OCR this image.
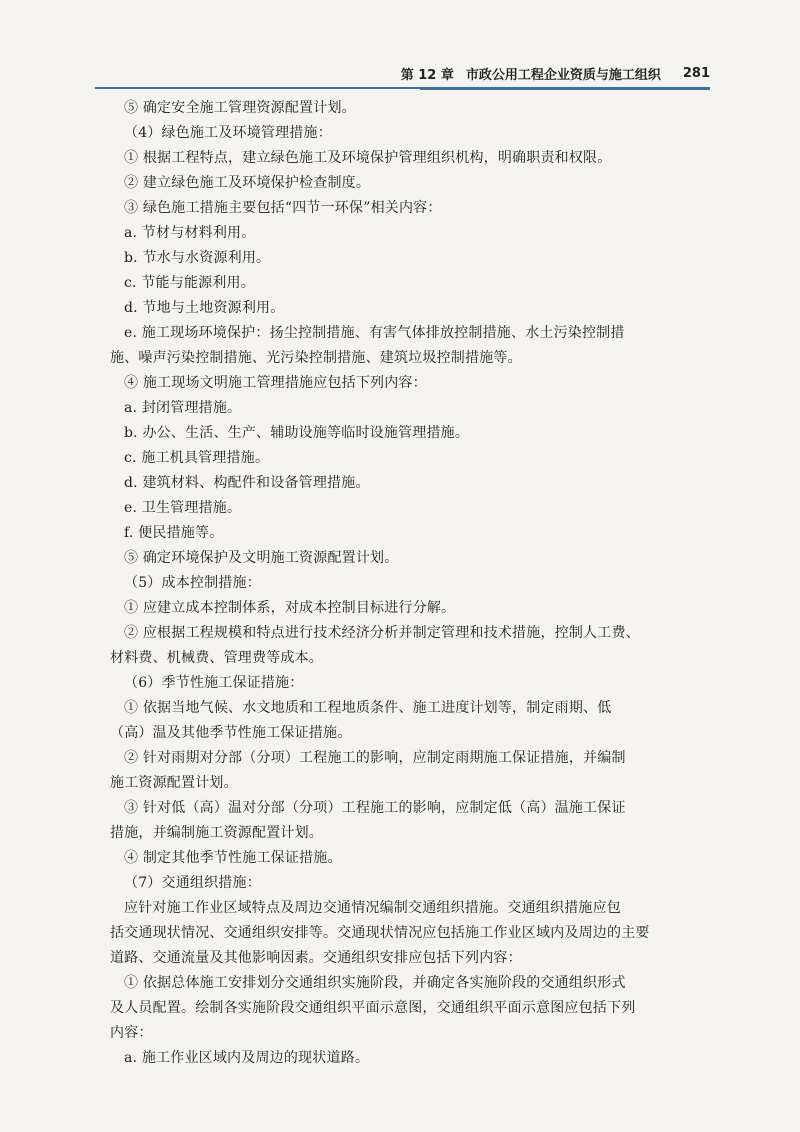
第 12 章 市政公用工程企业资质与施工组织 281

⑤ 确定安全施工管理资源配置计划。

（4）绿色施工及环境管理措施：

① 根据工程特点，建立绿色施工及环境保护管理组织机构，明确职责和权限。

② 建立绿色施工及环境保护检查制度。

③ 绿色施工措施主要包括“四节一环保”相关内容：

a. 节材与材料利用。

b. 节水与水资源利用。

c. 节能与能源利用。

d. 节地与土地资源利用。

e. 施工现场环境保护：扬尘控制措施、有害气体排放控制措施、水土污染控制措

施、噪声污染控制措施、光污染控制措施、建筑垃圾控制措施等。

④ 施工现场文明施工管理措施应包括下列内容：

a. 封闭管理措施。

b. 办公、生活、生产、辅助设施等临时设施管理措施。

c. 施工机具管理措施。

d. 建筑材料、构配件和设备管理措施。

e. 卫生管理措施。

f. 便民措施等。

⑤ 确定环境保护及文明施工资源配置计划。

（5）成本控制措施：

① 应建立成本控制体系，对成本控制目标进行分解。

② 应根据工程规模和特点进行技术经济分析并制定管理和技术措施，控制人工费、

材料费、机械费、管理费等成本。

（6）季节性施工保证措施：

① 依据当地气候、水文地质和工程地质条件、施工进度计划等，制定雨期、低

（高）温及其他季节性施工保证措施。

② 针对雨期对分部（分项）工程施工的影响，应制定雨期施工保证措施，并编制

施工资源配置计划。

③ 针对低（高）温对分部（分项）工程施工的影响，应制定低（高）温施工保证

措施，并编制施工资源配置计划。

④ 制定其他季节性施工保证措施。

（7）交通组织措施：

应针对施工作业区域特点及周边交通情况编制交通组织措施。交通组织措施应包

括交通现状情况、交通组织安排等。交通现状情况应包括施工作业区域内及周边的主要

道路、交通流量及其他影响因素。交通组织安排应包括下列内容：

① 依据总体施工安排划分交通组织实施阶段，并确定各实施阶段的交通组织形式

及人员配置。绘制各实施阶段交通组织平面示意图，交通组织平面示意图应包括下列

内容：

a. 施工作业区域内及周边的现状道路。
